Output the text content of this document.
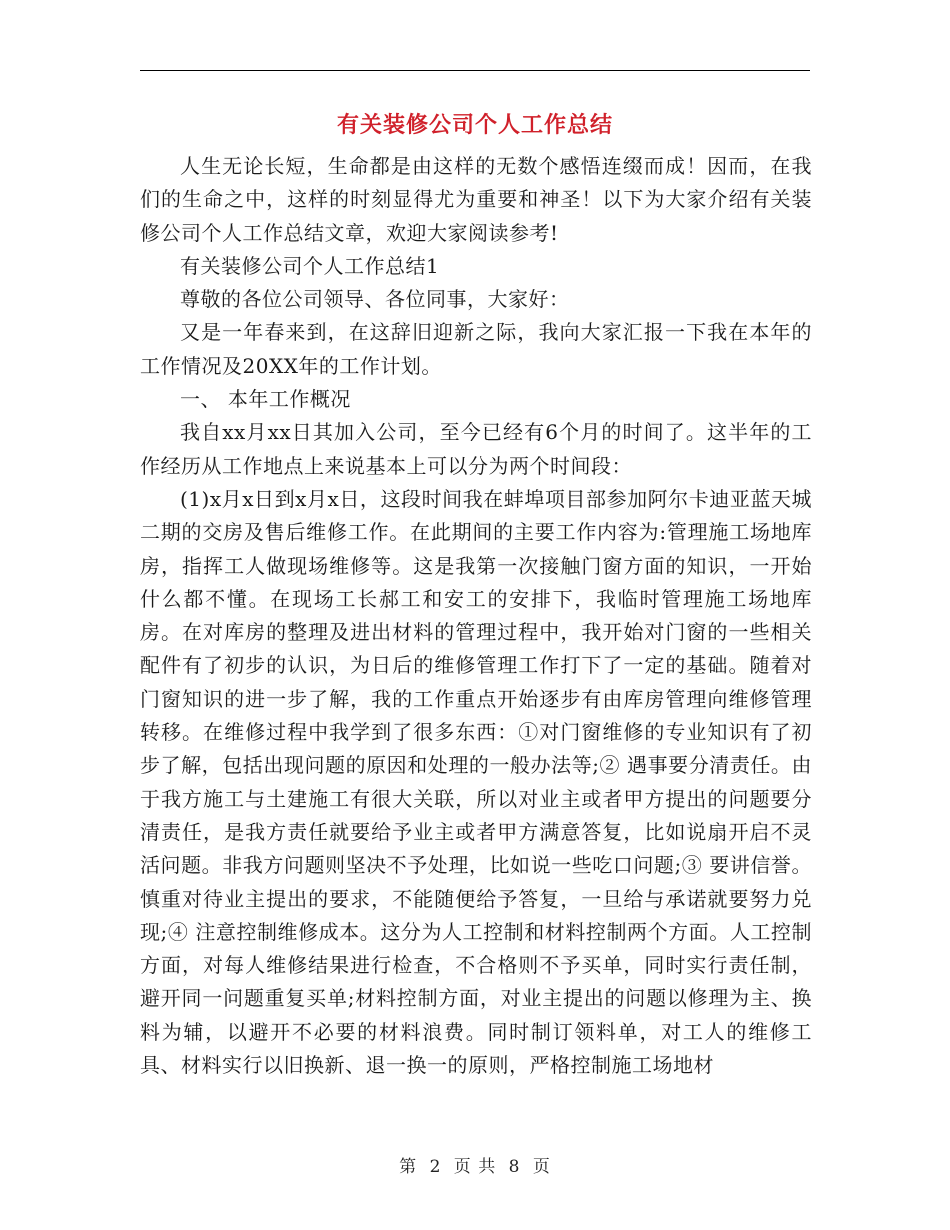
有关装修公司个人工作总结

人生无论长短，生命都是由这样的无数个感悟连缀而成！因而，在我们的生命之中，这样的时刻显得尤为重要和神圣！以下为大家介绍有关装修公司个人工作总结文章，欢迎大家阅读参考!

有关装修公司个人工作总结1

尊敬的各位公司领导、各位同事，大家好：

又是一年春来到，在这辞旧迎新之际，我向大家汇报一下我在本年的工作情况及20XX年的工作计划。

一、 本年工作概况

我自xx月xx日其加入公司，至今已经有6个月的时间了。这半年的工作经历从工作地点上来说基本上可以分为两个时间段：

(1)x月x日到x月x日，这段时间我在蚌埠项目部参加阿尔卡迪亚蓝天城二期的交房及售后维修工作。在此期间的主要工作内容为:管理施工场地库房，指挥工人做现场维修等。这是我第一次接触门窗方面的知识，一开始什么都不懂。在现场工长郝工和安工的安排下，我临时管理施工场地库房。在对库房的整理及进出材料的管理过程中，我开始对门窗的一些相关配件有了初步的认识，为日后的维修管理工作打下了一定的基础。随着对门窗知识的进一步了解，我的工作重点开始逐步有由库房管理向维修管理转移。在维修过程中我学到了很多东西：①对门窗维修的专业知识有了初步了解，包括出现问题的原因和处理的一般办法等;② 遇事要分清责任。由于我方施工与土建施工有很大关联，所以对业主或者甲方提出的问题要分清责任，是我方责任就要给予业主或者甲方满意答复，比如说扇开启不灵活问题。非我方问题则坚决不予处理，比如说一些吃口问题;③ 要讲信誉。慎重对待业主提出的要求，不能随便给予答复，一旦给与承诺就要努力兑现;④ 注意控制维修成本。这分为人工控制和材料控制两个方面。人工控制方面，对每人维修结果进行检查，不合格则不予买单，同时实行责任制，避开同一问题重复买单;材料控制方面，对业主提出的问题以修理为主、换料为辅，以避开不必要的材料浪费。同时制订领料单，对工人的维修工具、材料实行以旧换新、退一换一的原则，严格控制施工场地材

第 2 页 共 8 页
